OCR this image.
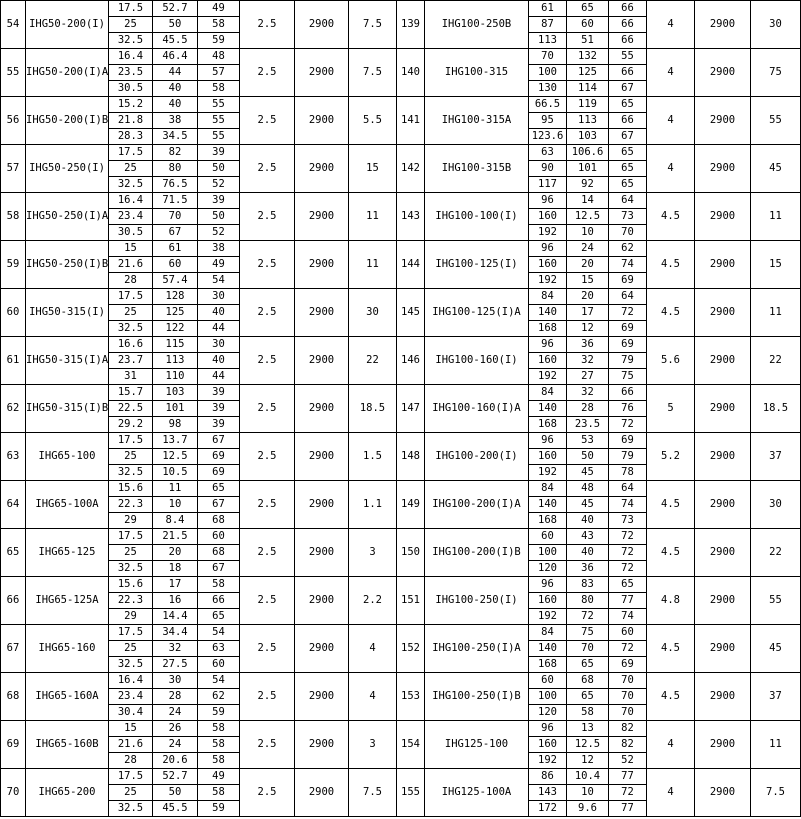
54	IHG50-200(I)	17.5	52.7	49	2.5	2900	7.5	139	IHG100-250B	61	65	66	4	2900	30
		25	50	58						87	60	66			
		32.5	45.5	59						113	51	66			
55	IHG50-200(I)A	16.4	46.4	48	2.5	2900	7.5	140	IHG100-315	70	132	55	4	2900	75
		23.5	44	57						100	125	66			
		30.5	40	58						130	114	67			
56	IHG50-200(I)B	15.2	40	55	2.5	2900	5.5	141	IHG100-315A	66.5	119	65	4	2900	55
		21.8	38	55						95	113	66			
		28.3	34.5	55						123.6	103	67			
57	IHG50-250(I)	17.5	82	39	2.5	2900	15	142	IHG100-315B	63	106.6	65	4	2900	45
		25	80	50						90	101	65			
		32.5	76.5	52						117	92	65			
58	IHG50-250(I)A	16.4	71.5	39	2.5	2900	11	143	IHG100-100(I)	96	14	64	4.5	2900	11
		23.4	70	50						160	12.5	73			
		30.5	67	52						192	10	70			
59	IHG50-250(I)B	15	61	38	2.5	2900	11	144	IHG100-125(I)	96	24	62	4.5	2900	15
		21.6	60	49						160	20	74			
		28	57.4	54						192	15	69			
60	IHG50-315(I)	17.5	128	30	2.5	2900	30	145	IHG100-125(I)A	84	20	64	4.5	2900	11
		25	125	40						140	17	72			
		32.5	122	44						168	12	69			
61	IHG50-315(I)A	16.6	115	30	2.5	2900	22	146	IHG100-160(I)	96	36	69	5.6	2900	22
		23.7	113	40						160	32	79			
		31	110	44						192	27	75			
62	IHG50-315(I)B	15.7	103	39	2.5	2900	18.5	147	IHG100-160(I)A	84	32	66	5	2900	18.5
		22.5	101	39						140	28	76			
		29.2	98	39						168	23.5	72			
63	IHG65-100	17.5	13.7	67	2.5	2900	1.5	148	IHG100-200(I)	96	53	69	5.2	2900	37
		25	12.5	69						160	50	79			
		32.5	10.5	69						192	45	78			
64	IHG65-100A	15.6	11	65	2.5	2900	1.1	149	IHG100-200(I)A	84	48	64	4.5	2900	30
		22.3	10	67						140	45	74			
		29	8.4	68						168	40	73			
65	IHG65-125	17.5	21.5	60	2.5	2900	3	150	IHG100-200(I)B	60	43	72	4.5	2900	22
		25	20	68						100	40	72			
		32.5	18	67						120	36	72			
66	IHG65-125A	15.6	17	58	2.5	2900	2.2	151	IHG100-250(I)	96	83	65	4.8	2900	55
		22.3	16	66						160	80	77			
		29	14.4	65						192	72	74			
67	IHG65-160	17.5	34.4	54	2.5	2900	4	152	IHG100-250(I)A	84	75	60	4.5	2900	45
		25	32	63						140	70	72			
		32.5	27.5	60						168	65	69			
68	IHG65-160A	16.4	30	54	2.5	2900	4	153	IHG100-250(I)B	60	68	70	4.5	2900	37
		23.4	28	62						100	65	70			
		30.4	24	59						120	58	70			
69	IHG65-160B	15	26	58	2.5	2900	3	154	IHG125-100	96	13	82	4	2900	11
		21.6	24	58						160	12.5	82			
		28	20.6	58						192	12	52			
70	IHG65-200	17.5	52.7	49	2.5	2900	7.5	155	IHG125-100A	86	10.4	77	4	2900	7.5
		25	50	58						143	10	72			
		32.5	45.5	59						172	9.6	77			
